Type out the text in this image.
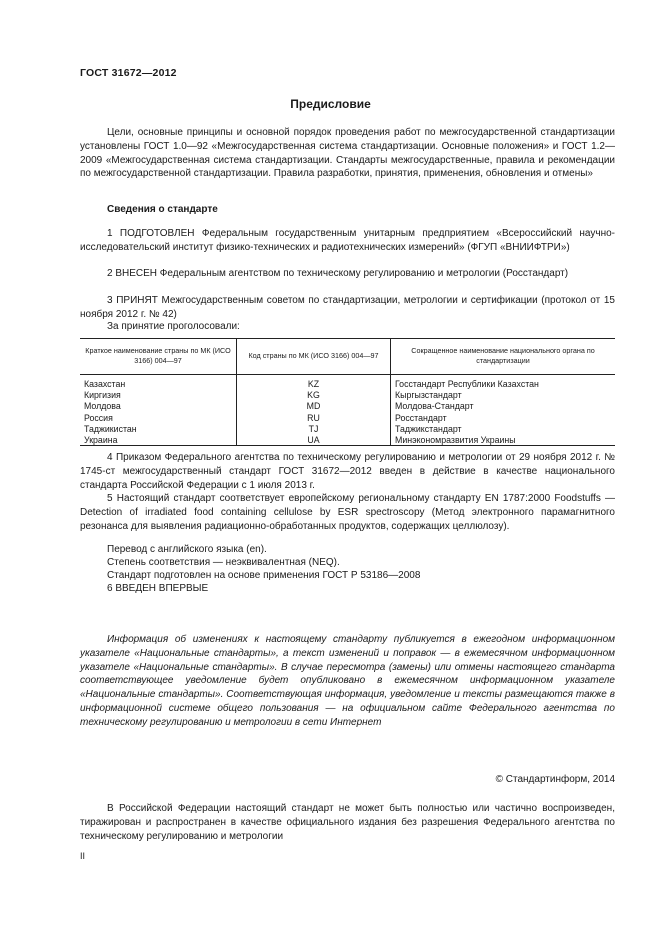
ГОСТ 31672—2012
Предисловие

Цели, основные принципы и основной порядок проведения работ по межгосударственной стандартизации установлены ГОСТ 1.0—92 «Межгосударственная система стандартизации. Основные положения» и ГОСТ 1.2—2009 «Межгосударственная система стандартизации. Стандарты межгосударственные, правила и рекомендации по межгосударственной стандартизации. Правила разработки, принятия, применения, обновления и отмены»

Сведения о стандарте

1 ПОДГОТОВЛЕН Федеральным государственным унитарным предприятием «Всероссийский научно-исследовательский институт физико-технических и радиотехнических измерений» (ФГУП «ВНИИФТРИ»)

2 ВНЕСЕН Федеральным агентством по техническому регулированию и метрологии (Росстандарт)

3 ПРИНЯТ Межгосударственным советом по стандартизации, метрологии и сертификации (протокол от 15 ноября 2012 г. № 42)

За принятие проголосовали:

Краткое наименование страны по МК (ИСО 3166) 004—97	Код страны по МК (ИСО 3166) 004—97	Сокращенное наименование национального органа по стандартизации
Казахстан	KZ	Госстандарт Республики Казахстан
Киргизия	KG	Кыргызстандарт
Молдова	MD	Молдова-Стандарт
Россия	RU	Росстандарт
Таджикистан	TJ	Таджикстандарт
Украина	UA	Минэкономразвития Украины

4 Приказом Федерального агентства по техническому регулированию и метрологии от 29 ноября 2012 г. № 1745-ст межгосударственный стандарт ГОСТ 31672—2012 введен в действие в качестве национального стандарта Российской Федерации с 1 июля 2013 г.

5 Настоящий стандарт соответствует европейскому региональному стандарту EN 1787:2000 Foodstuffs — Detection of irradiated food containing cellulose by ESR spectroscopy (Метод электронного парамагнитного резонанса для выявления радиационно-обработанных продуктов, содержащих целлюлозу).

Перевод с английского языка (en).

Степень соответствия — неэквивалентная (NEQ).

Стандарт подготовлен на основе применения ГОСТ Р 53186—2008

6 ВВЕДЕН ВПЕРВЫЕ

Информация об изменениях к настоящему стандарту публикуется в ежегодном информационном указателе «Национальные стандарты», а текст изменений и поправок — в ежемесячном информационном указателе «Национальные стандарты». В случае пересмотра (замены) или отмены настоящего стандарта соответствующее уведомление будет опубликовано в ежемесячном информационном указателе «Национальные стандарты». Соответствующая информация, уведомление и тексты размещаются также в информационной системе общего пользования — на официальном сайте Федерального агентства по техническому регулированию и метрологии в сети Интернет

© Стандартинформ, 2014

В Российской Федерации настоящий стандарт не может быть полностью или частично воспроизведен, тиражирован и распространен в качестве официального издания без разрешения Федерального агентства по техническому регулированию и метрологии

II
